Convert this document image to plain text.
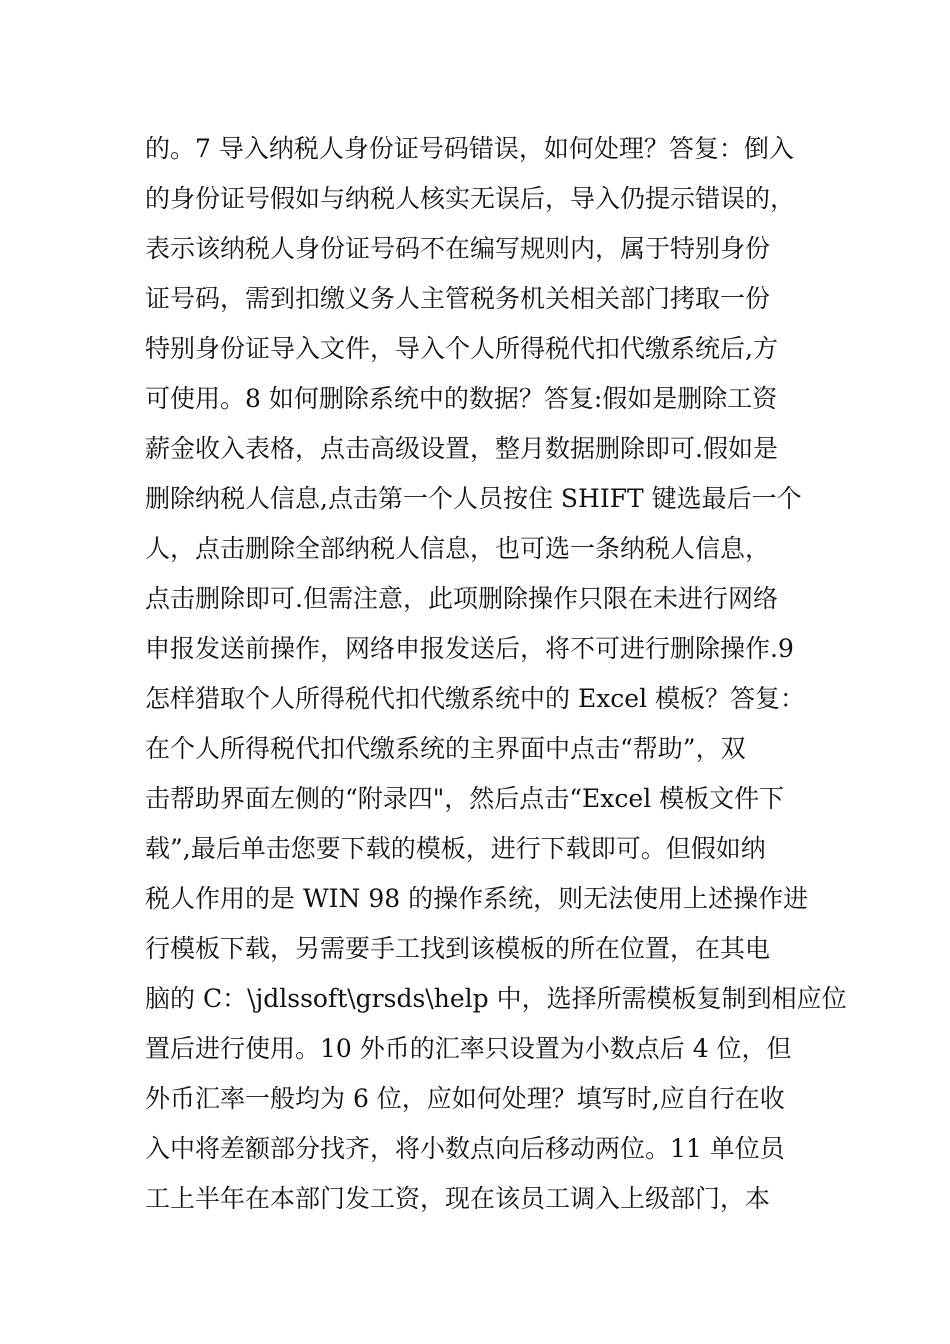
的。7 导入纳税人身份证号码错误，如何处理？答复：倒入
的身份证号假如与纳税人核实无误后，导入仍提示错误的，
表示该纳税人身份证号码不在编写规则内，属于特别身份
证号码，需到扣缴义务人主管税务机关相关部门拷取一份
特别身份证导入文件，导入个人所得税代扣代缴系统后,方
可使用。8 如何删除系统中的数据？答复:假如是删除工资
薪金收入表格，点击高级设置，整月数据删除即可.假如是
删除纳税人信息,点击第一个人员按住 SHIFT 键选最后一个
人，点击删除全部纳税人信息，也可选一条纳税人信息，
点击删除即可.但需注意，此项删除操作只限在未进行网络
申报发送前操作，网络申报发送后，将不可进行删除操作.9
怎样猎取个人所得税代扣代缴系统中的 Excel 模板？答复：
在个人所得税代扣代缴系统的主界面中点击“帮助”，双
击帮助界面左侧的“附录四"，然后点击“Excel 模板文件下
载”,最后单击您要下载的模板，进行下载即可。但假如纳
税人作用的是 WIN 98 的操作系统，则无法使用上述操作进
行模板下载，另需要手工找到该模板的所在位置，在其电
脑的 C：\jdlssoft\grsds\help 中，选择所需模板复制到相应位
置后进行使用。10 外币的汇率只设置为小数点后 4 位，但
外币汇率一般均为 6 位，应如何处理？填写时,应自行在收
入中将差额部分找齐，将小数点向后移动两位。11 单位员
工上半年在本部门发工资，现在该员工调入上级部门，本
